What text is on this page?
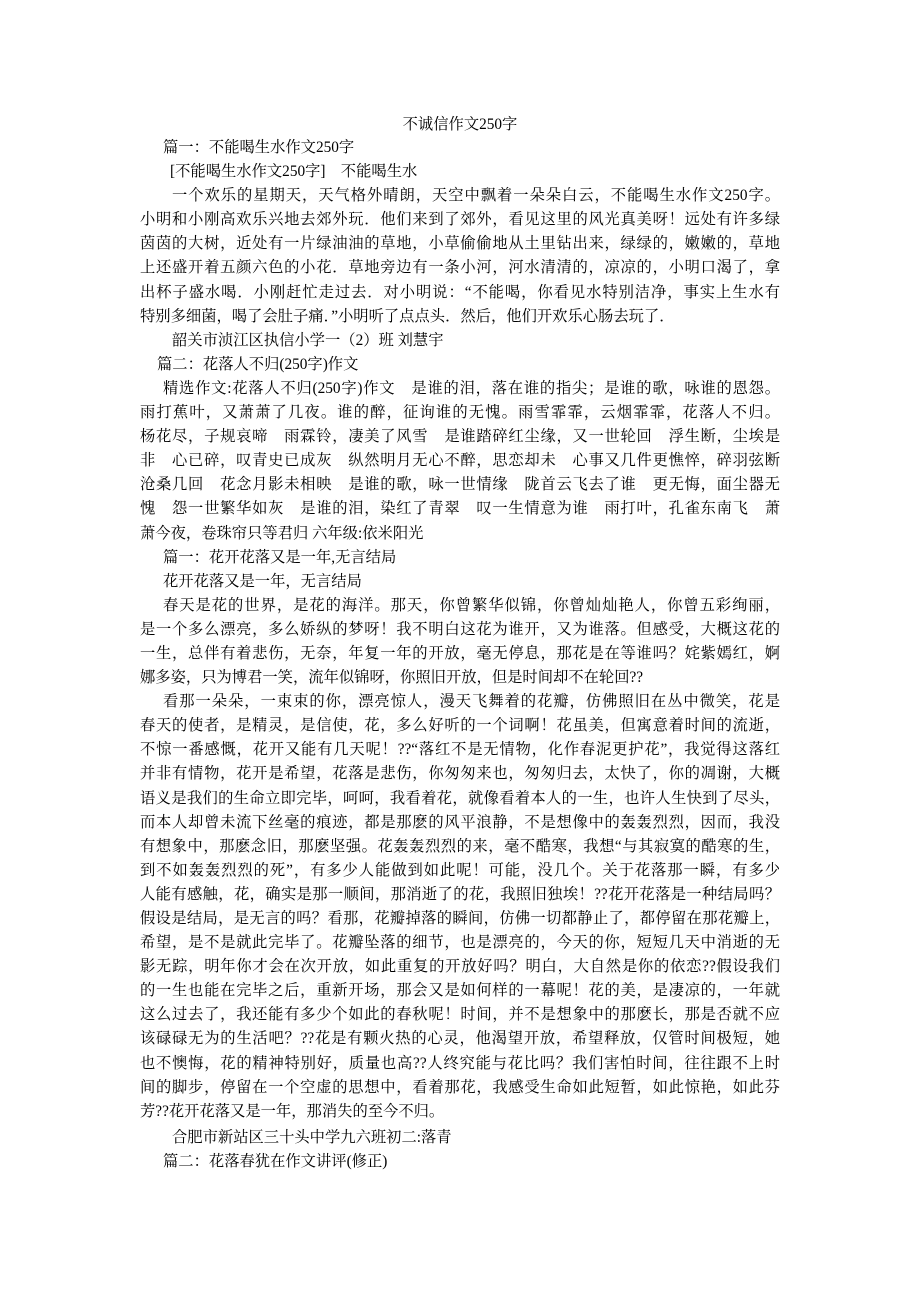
不诚信作文250字
篇一：不能喝生水作文250字
[不能喝生水作文250字]　不能喝生水
一个欢乐的星期天，天气格外晴朗，天空中飘着一朵朵白云，不能喝生水作文250字。
小明和小刚高欢乐兴地去郊外玩．他们来到了郊外，看见这里的风光真美呀！远处有许多绿
茵茵的大树，近处有一片绿油油的草地，小草偷偷地从土里钻出来，绿绿的，嫩嫩的，草地
上还盛开着五颜六色的小花．草地旁边有一条小河，河水清清的，凉凉的，小明口渴了，拿
出杯子盛水喝．小刚赶忙走过去．对小明说：“不能喝，你看见水特别洁净，事实上生水有
特别多细菌，喝了会肚子痛．”小明听了点点头．然后，他们开欢乐心肠去玩了．
韶关市浈江区执信小学一（2）班 刘慧宇
篇二：花落人不归(250字)作文
精选作文:花落人不归(250字)作文　是谁的泪，落在谁的指尖；是谁的歌，咏谁的恩怨。
雨打蕉叶，又萧萧了几夜。谁的醉，征询谁的无愧。雨雪霏霏，云烟霏霏，花落人不归。
杨花尽，子规哀啼　雨霖铃，凄美了风雪　是谁踏碎红尘缘，又一世轮回　浮生断，尘埃是
非　心已碎，叹青史已成灰　纵然明月无心不醉，思恋却未　心事又几件更憔悴，碎羽弦断
沧桑几回　花念月影未相映　是谁的歌，咏一世情缘　陇首云飞去了谁　更无悔，面尘器无
愧　怨一世繁华如灰　是谁的泪，染红了青翠　叹一生情意为谁　雨打叶，孔雀东南飞　萧
萧今夜，卷珠帘只等君归 六年级:依米阳光
篇一：花开花落又是一年,无言结局
花开花落又是一年，无言结局
春天是花的世界，是花的海洋。那天，你曾繁华似锦，你曾灿灿艳人，你曾五彩绚丽，
是一个多么漂亮，多么娇纵的梦呀！我不明白这花为谁开，又为谁落。但感受，大概这花的
一生，总伴有着悲伤，无奈，年复一年的开放，毫无停息，那花是在等谁吗？姹紫嫣红，婀
娜多姿，只为博君一笑，流年似锦呀，你照旧开放，但是时间却不在轮回??
看那一朵朵，一束束的你，漂亮惊人，漫天飞舞着的花瓣，仿佛照旧在丛中微笑，花是
春天的使者，是精灵，是信使，花，多么好听的一个词啊！花虽美，但寓意着时间的流逝，
不惊一番感慨，花开又能有几天呢！??“落红不是无情物，化作春泥更护花”，我觉得这落红
并非有情物，花开是希望，花落是悲伤，你匆匆来也，匆匆归去，太快了，你的凋谢，大概
语义是我们的生命立即完毕，呵呵，我看着花，就像看着本人的一生，也许人生快到了尽头，
而本人却曾未流下丝毫的痕迹，都是那麽的风平浪静，不是想像中的轰轰烈烈，因而，我没
有想象中，那麽念旧，那麽坚强。花轰轰烈烈的来，毫不酷寒，我想“与其寂寞的酷寒的生，
到不如轰轰烈烈的死”，有多少人能做到如此呢！可能，没几个。关于花落那一瞬，有多少
人能有感触，花，确实是那一顺间，那消逝了的花，我照旧独埃！??花开花落是一种结局吗？
假设是结局，是无言的吗？看那，花瓣掉落的瞬间，仿佛一切都静止了，都停留在那花瓣上，
希望，是不是就此完毕了。花瓣坠落的细节，也是漂亮的，今天的你，短短几天中消逝的无
影无踪，明年你才会在次开放，如此重复的开放好吗？明白，大自然是你的依恋??假设我们
的一生也能在完毕之后，重新开场，那会又是如何样的一幕呢！花的美，是凄凉的，一年就
这么过去了，我还能有多少个如此的春秋呢！时间，并不是想象中的那麽长，那是否就不应
该碌碌无为的生活吧？??花是有颗火热的心灵，他渴望开放，希望释放，仅管时间极短，她
也不懊悔，花的精神特别好，质量也高??人终究能与花比吗？我们害怕时间，往往跟不上时
间的脚步，停留在一个空虚的思想中，看着那花，我感受生命如此短暂，如此惊艳，如此芬
芳??花开花落又是一年，那消失的至今不归。
合肥市新站区三十头中学九六班初二:落青
篇二：花落春犹在作文讲评(修正)
